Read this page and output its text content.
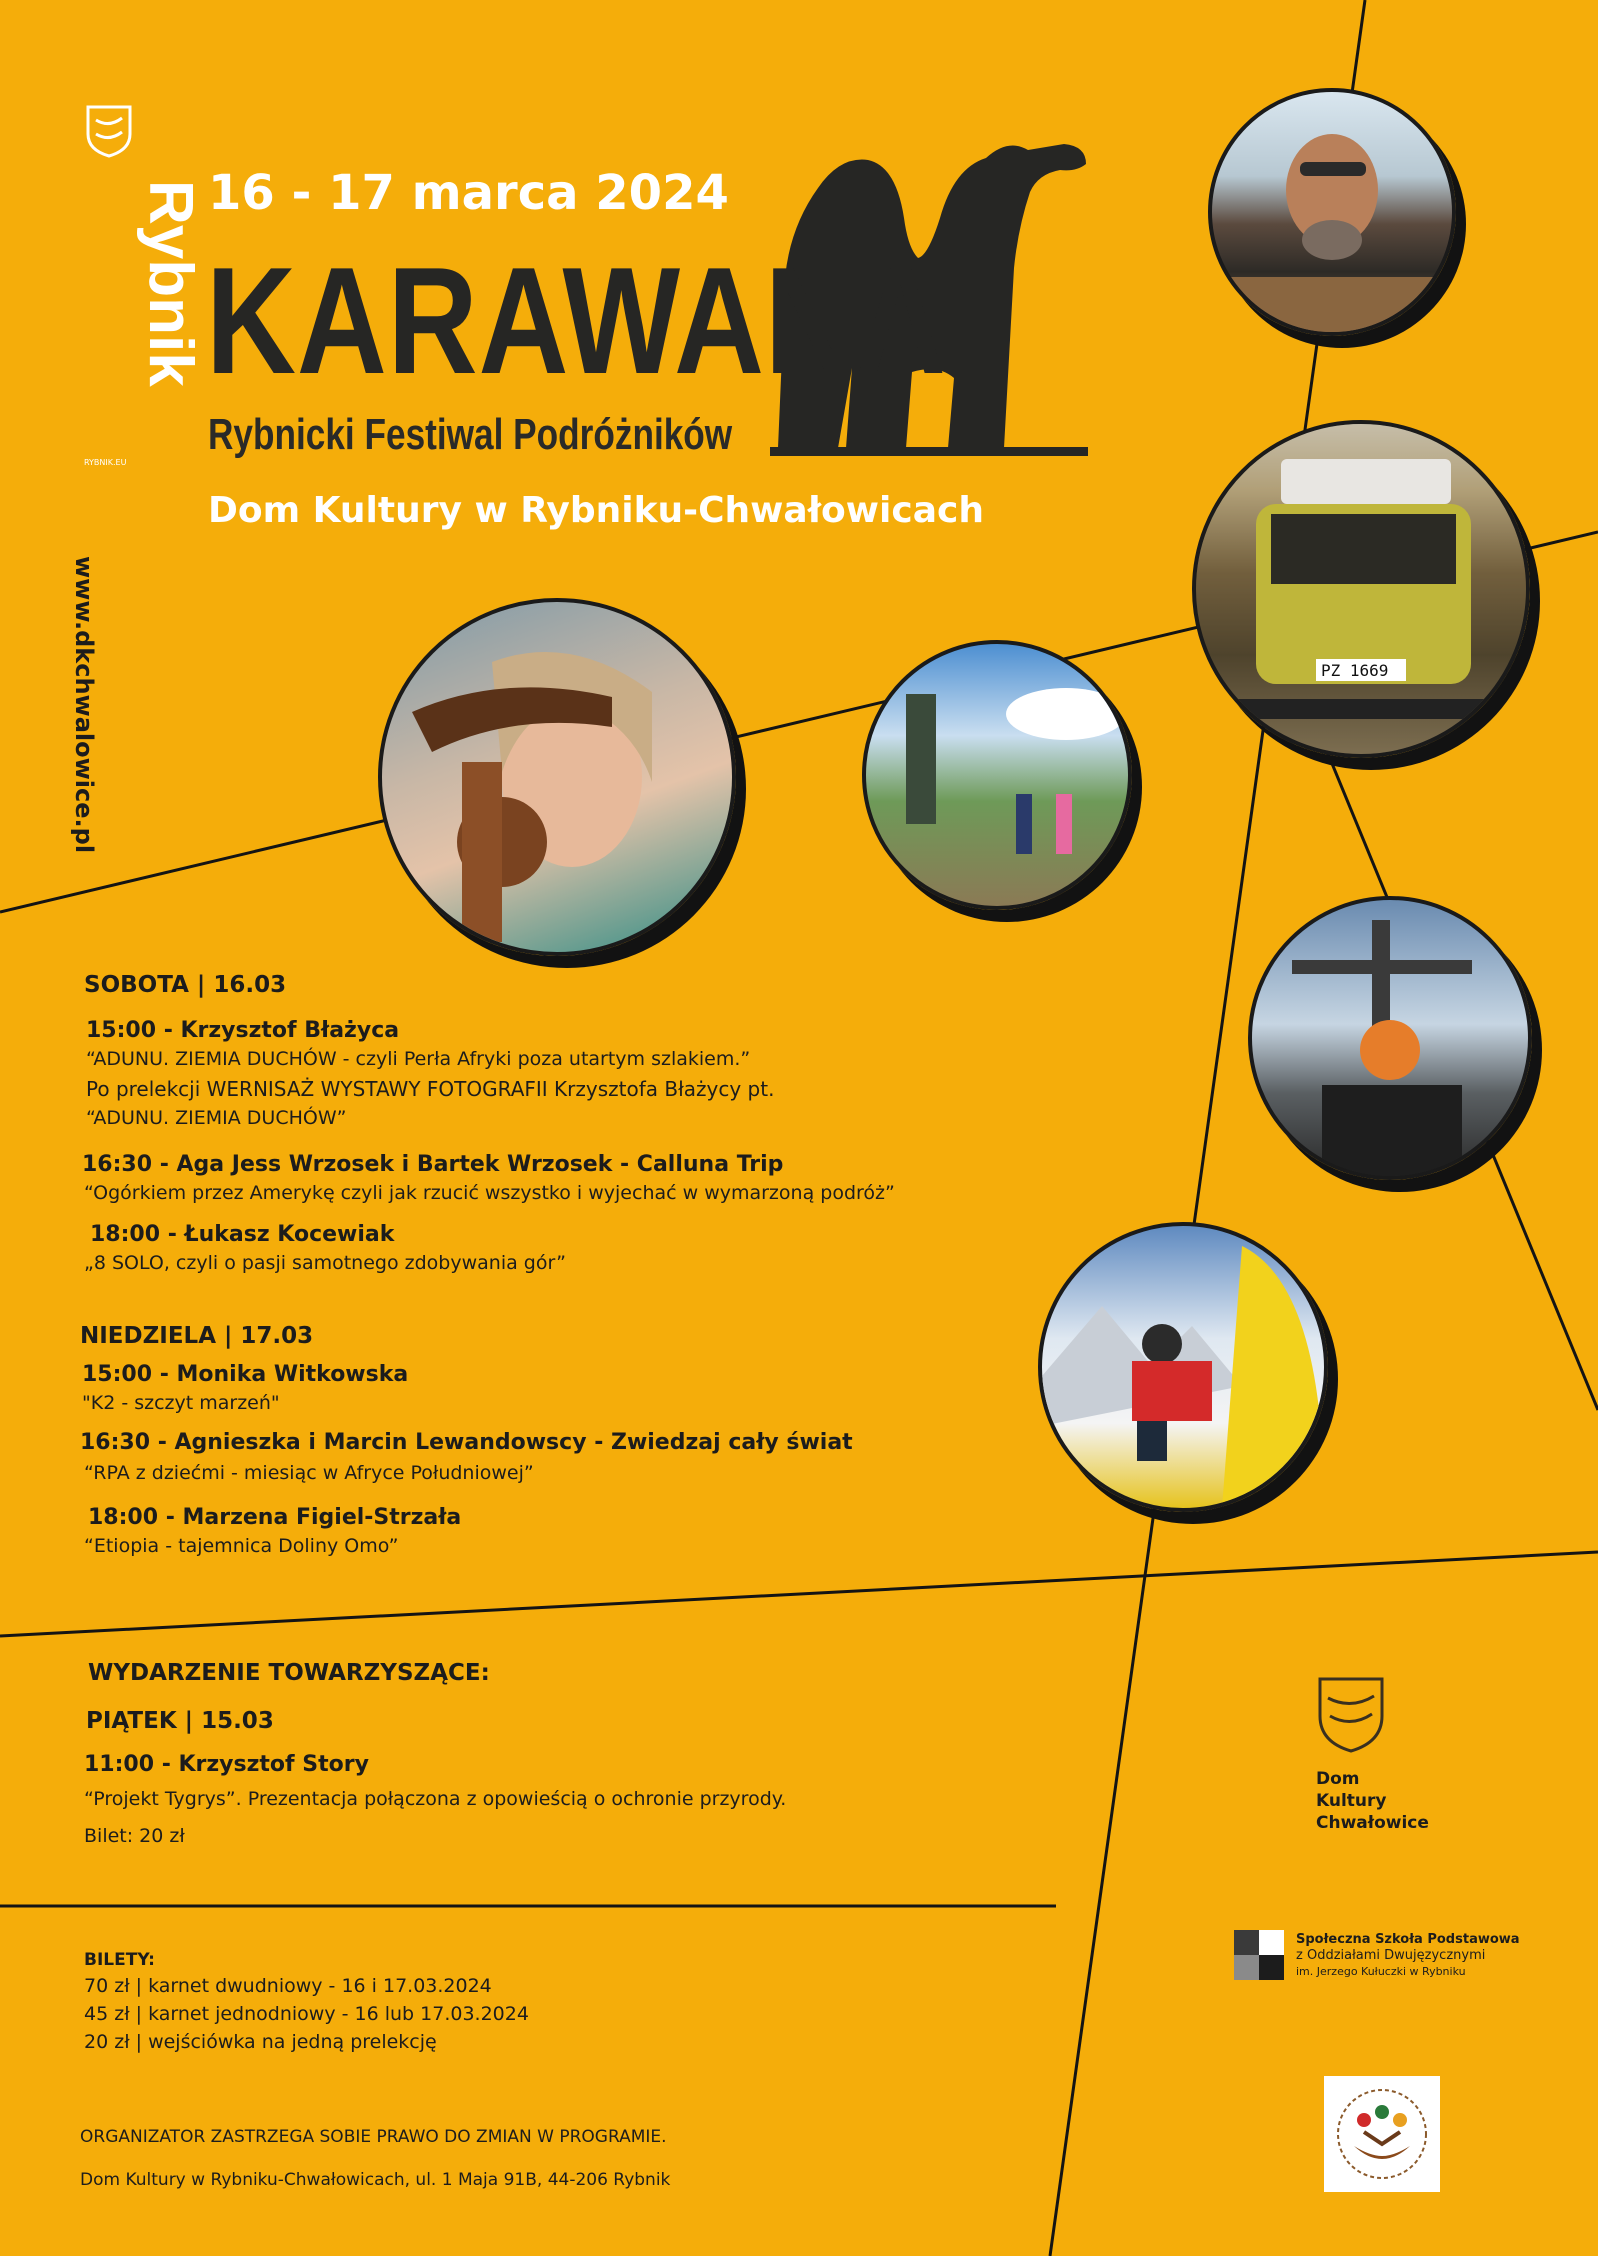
Rybnik
RYBNIK.EU
www.dkchwalowice.pl
16 - 17 marca 2024
KARAWANA
Rybnicki Festiwal Podróżników
Dom Kultury w Rybniku-Chwałowicach
PZ 1669
SOBOTA | 16.03
15:00 - Krzysztof Błażyca
“ADUNU. ZIEMIA DUCHÓW - czyli Perła Afryki poza utartym szlakiem.”
Po prelekcji WERNISAŻ WYSTAWY FOTOGRAFII Krzysztofa Błażycy pt.
“ADUNU. ZIEMIA DUCHÓW”
16:30 - Aga Jess Wrzosek i Bartek Wrzosek - Calluna Trip
“Ogórkiem przez Amerykę czyli jak rzucić wszystko i wyjechać w wymarzoną podróż”
18:00 - Łukasz Kocewiak
„8 SOLO, czyli o pasji samotnego zdobywania gór”
NIEDZIELA | 17.03
15:00 - Monika Witkowska
"K2 - szczyt marzeń"
16:30 - Agnieszka i Marcin Lewandowscy - Zwiedzaj cały świat
“RPA z dziećmi - miesiąc w Afryce Południowej”
18:00 - Marzena Figiel-Strzała
“Etiopia - tajemnica Doliny Omo”
WYDARZENIE TOWARZYSZĄCE:
PIĄTEK | 15.03
11:00 - Krzysztof Story
“Projekt Tygrys”. Prezentacja połączona z opowieścią o ochronie przyrody.
Bilet: 20 zł
BILETY:
70 zł | karnet dwudniowy - 16 i 17.03.2024
45 zł | karnet jednodniowy - 16 lub 17.03.2024
20 zł | wejściówka na jedną prelekcję
ORGANIZATOR ZASTRZEGA SOBIE PRAWO DO ZMIAN W PROGRAMIE.
Dom Kultury w Rybniku-Chwałowicach, ul. 1 Maja 91B, 44-206 Rybnik
Dom
Kultury
Chwałowice
Społeczna Szkoła Podstawowa
z Oddziałami Dwujęzycznymi
im. Jerzego Kułuczki w Rybniku
